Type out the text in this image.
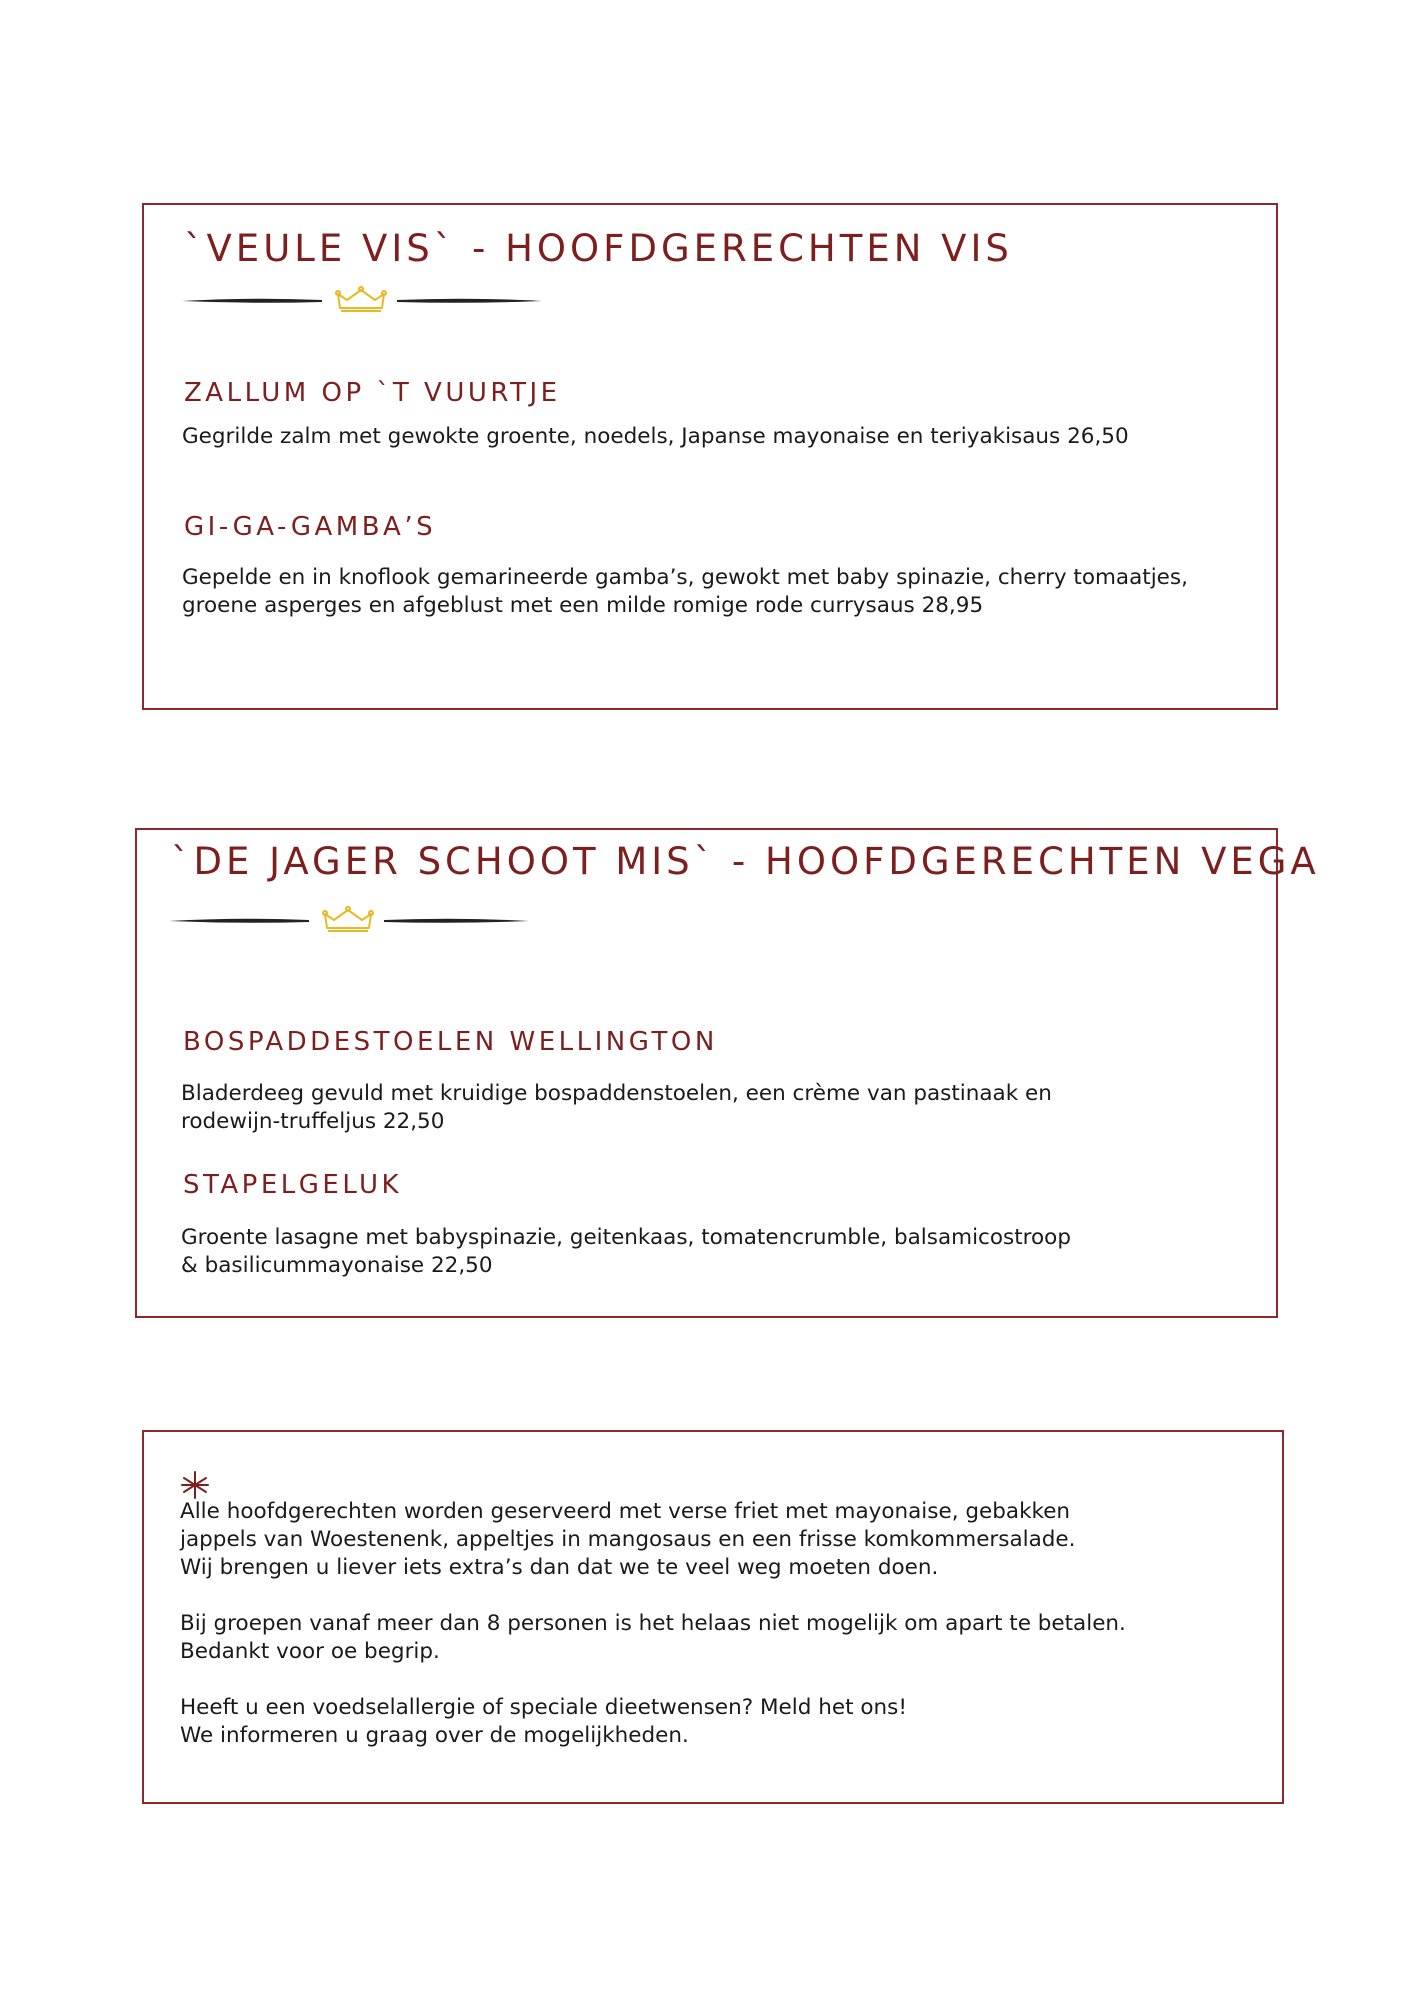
`VEULE VIS` - HOOFDGERECHTEN VIS
ZALLUM OP `T VUURTJE

Gegrilde zalm met gewokte groente, noedels, Japanse mayonaise en teriyakisaus 26,50

GI-GA-GAMBA’S

Gepelde en in knoflook gemarineerde gamba’s, gewokt met baby spinazie, cherry tomaatjes,
groene asperges en afgeblust met een milde romige rode currysaus 28,95

`DE JAGER SCHOOT MIS` - HOOFDGERECHTEN VEGA
BOSPADDESTOELEN WELLINGTON

Bladerdeeg gevuld met kruidige bospaddenstoelen, een crème van pastinaak en
rodewijn-truffeljus 22,50

STAPELGELUK

Groente lasagne met babyspinazie, geitenkaas, tomatencrumble, balsamicostroop
& basilicummayonaise 22,50

Alle hoofdgerechten worden geserveerd met verse friet met mayonaise, gebakken
jappels van Woestenenk, appeltjes in mangosaus en een frisse komkommersalade.
Wij brengen u liever iets extra’s dan dat we te veel weg moeten doen.

Bij groepen vanaf meer dan 8 personen is het helaas niet mogelijk om apart te betalen.
Bedankt voor oe begrip.

Heeft u een voedselallergie of speciale dieetwensen? Meld het ons!
We informeren u graag over de mogelijkheden.
